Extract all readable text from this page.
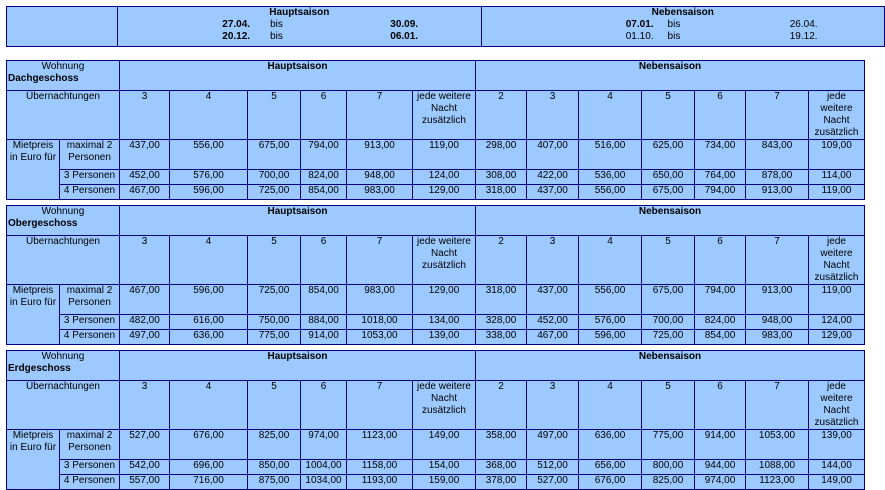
Hauptsaison
27.04. bis	30.09.
20.12. bis	06.01.

Nebensaison
07.01. bis	26.04.
01.10. bis	19.12.
Wohnung
Dachgeschoss		Hauptsaison						Nebensaison						
Übernachtungen		3	4	5	6	7	jede weitere Nacht zusätzlich	2	3	4	5	6	7	jede weitere Nacht zusätzlich
Mietpreis in Euro für	maximal 2 Personen	437,00	556,00	675,00	794,00	913,00	119,00	298,00	407,00	516,00	625,00	734,00	843,00	109,00
	3 Personen	452,00	576,00	700,00	824,00	948,00	124,00	308,00	422,00	536,00	650,00	764,00	878,00	114,00
	4 Personen	467,00	596,00	725,00	854,00	983,00	129,00	318,00	437,00	556,00	675,00	794,00	913,00	119,00
Wohnung
Obergeschoss		Hauptsaison						Nebensaison						
Übernachtungen		3	4	5	6	7	jede weitere Nacht zusätzlich	2	3	4	5	6	7	jede weitere Nacht zusätzlich
Mietpreis in Euro für	maximal 2 Personen	467,00	596,00	725,00	854,00	983,00	129,00	318,00	437,00	556,00	675,00	794,00	913,00	119,00
	3 Personen	482,00	616,00	750,00	884,00	1018,00	134,00	328,00	452,00	576,00	700,00	824,00	948,00	124,00
	4 Personen	497,00	636,00	775,00	914,00	1053,00	139,00	338,00	467,00	596,00	725,00	854,00	983,00	129,00
Wohnung
Erdgeschoss		Hauptsaison						Nebensaison						
Übernachtungen		3	4	5	6	7	jede weitere Nacht zusätzlich	2	3	4	5	6	7	jede weitere Nacht zusätzlich
Mietpreis in Euro für	maximal 2 Personen	527,00	676,00	825,00	974,00	1123,00	149,00	358,00	497,00	636,00	775,00	914,00	1053,00	139,00
	3 Personen	542,00	696,00	850,00	1004,00	1158,00	154,00	368,00	512,00	656,00	800,00	944,00	1088,00	144,00
	4 Personen	557,00	716,00	875,00	1034,00	1193,00	159,00	378,00	527,00	676,00	825,00	974,00	1123,00	149,00
